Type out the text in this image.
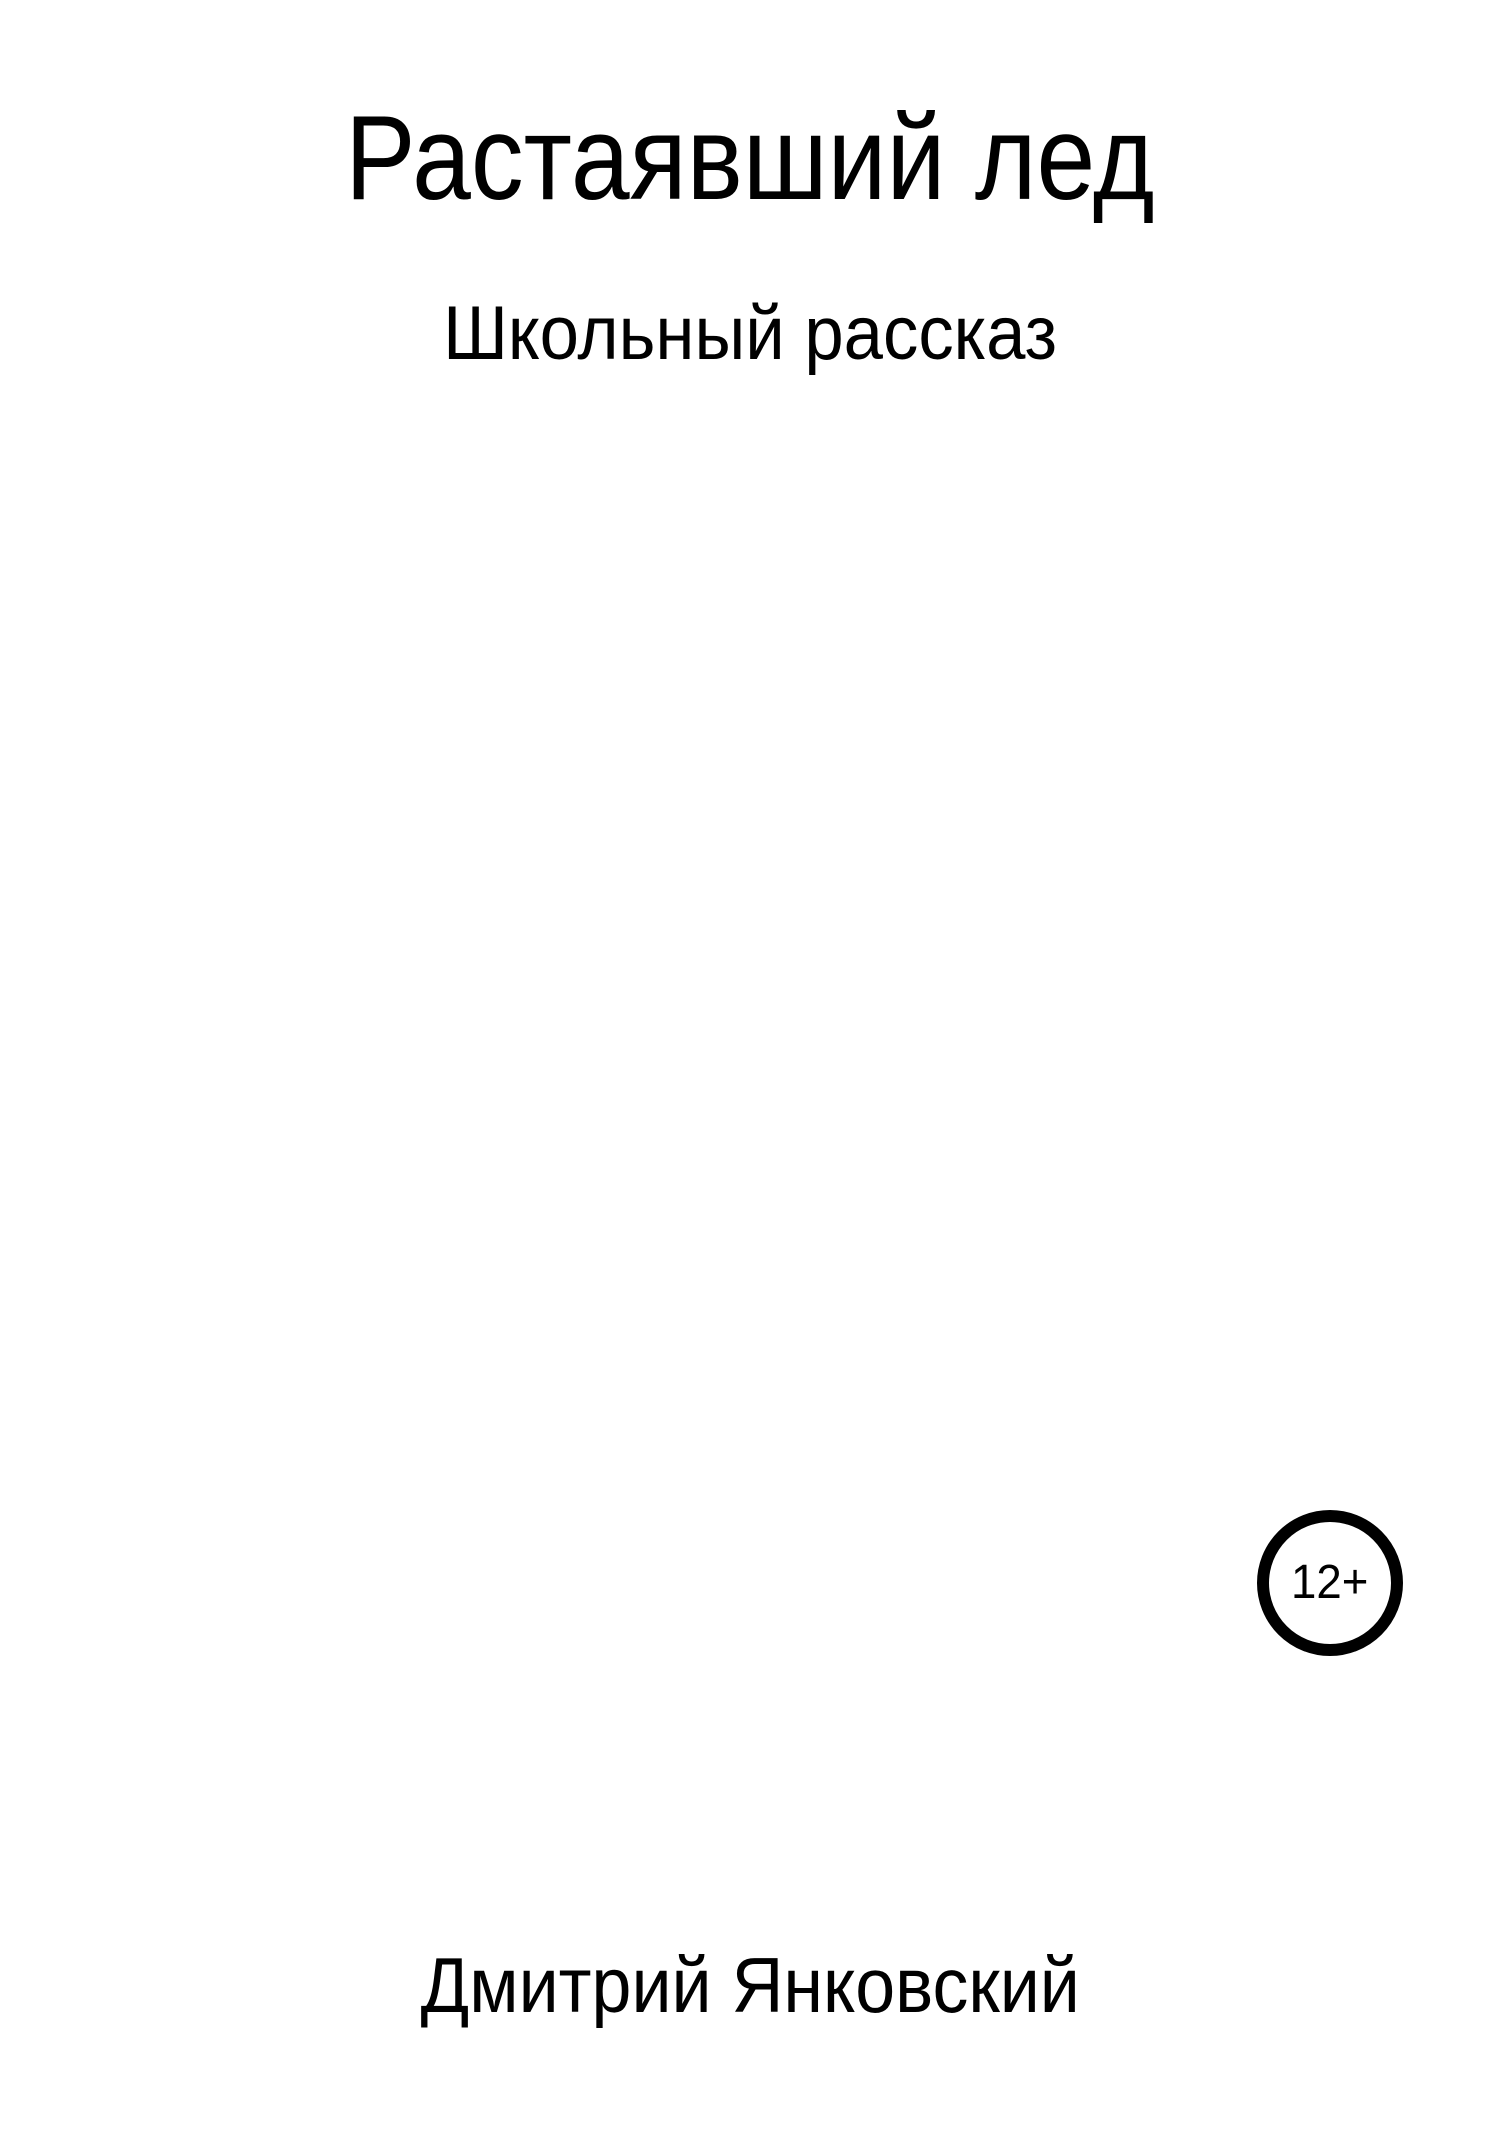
Растаявший лед
Школьный рассказ
12+
Дмитрий Янковский
